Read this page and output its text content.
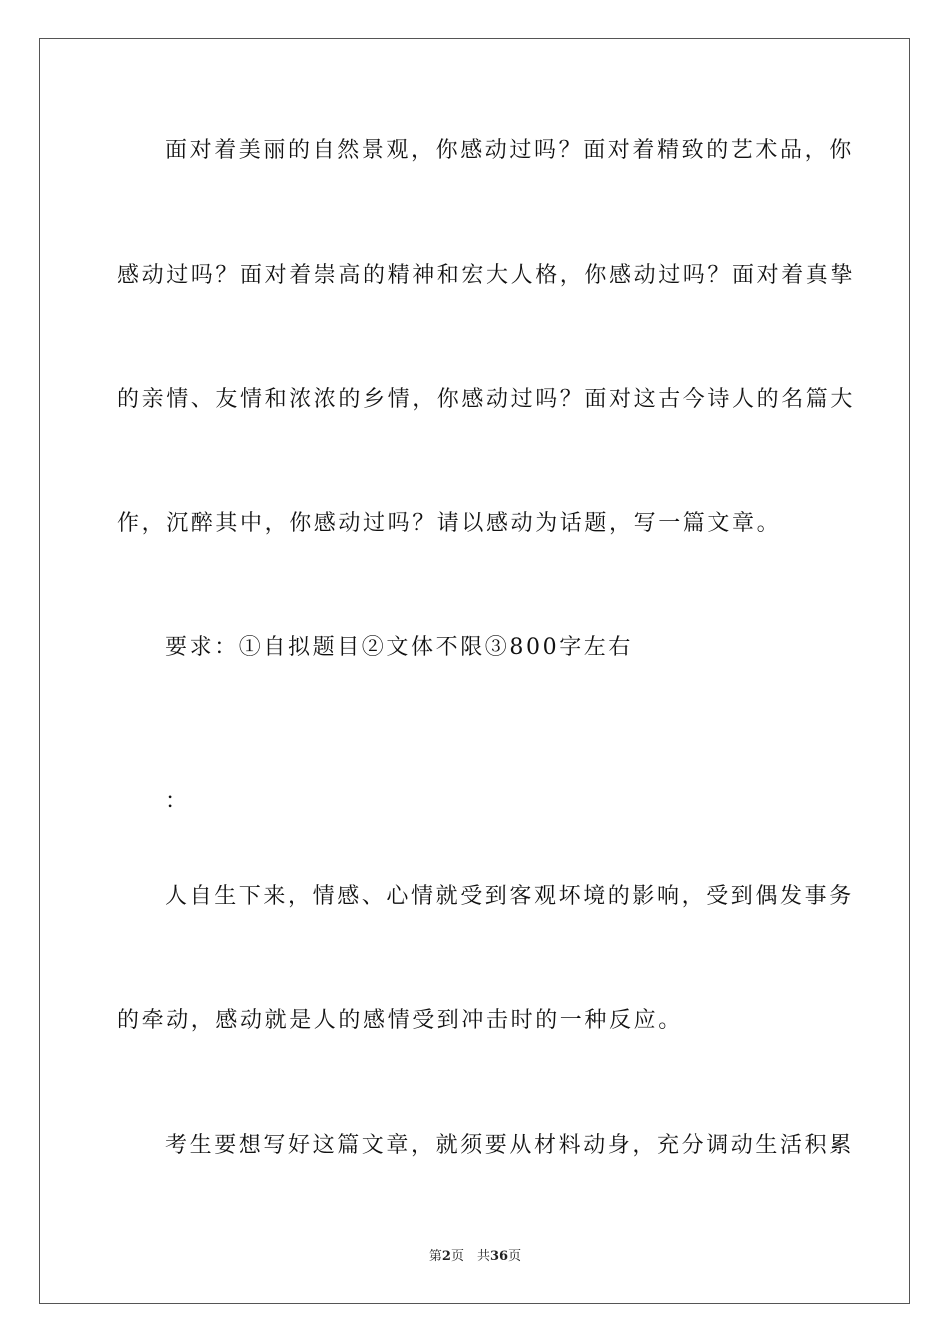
面对着美丽的自然景观，你感动过吗？面对着精致的艺术品，你
感动过吗？面对着崇高的精神和宏大人格，你感动过吗？面对着真挚
的亲情、友情和浓浓的乡情，你感动过吗？面对这古今诗人的名篇大
作，沉醉其中，你感动过吗？请以感动为话题，写一篇文章。
要求：①自拟题目②文体不限③800字左右
：
人自生下来，情感、心情就受到客观坏境的影响，受到偶发事务
的牵动，感动就是人的感情受到冲击时的一种反应。
考生要想写好这篇文章，就须要从材料动身，充分调动生活积累
第2页　共36页
